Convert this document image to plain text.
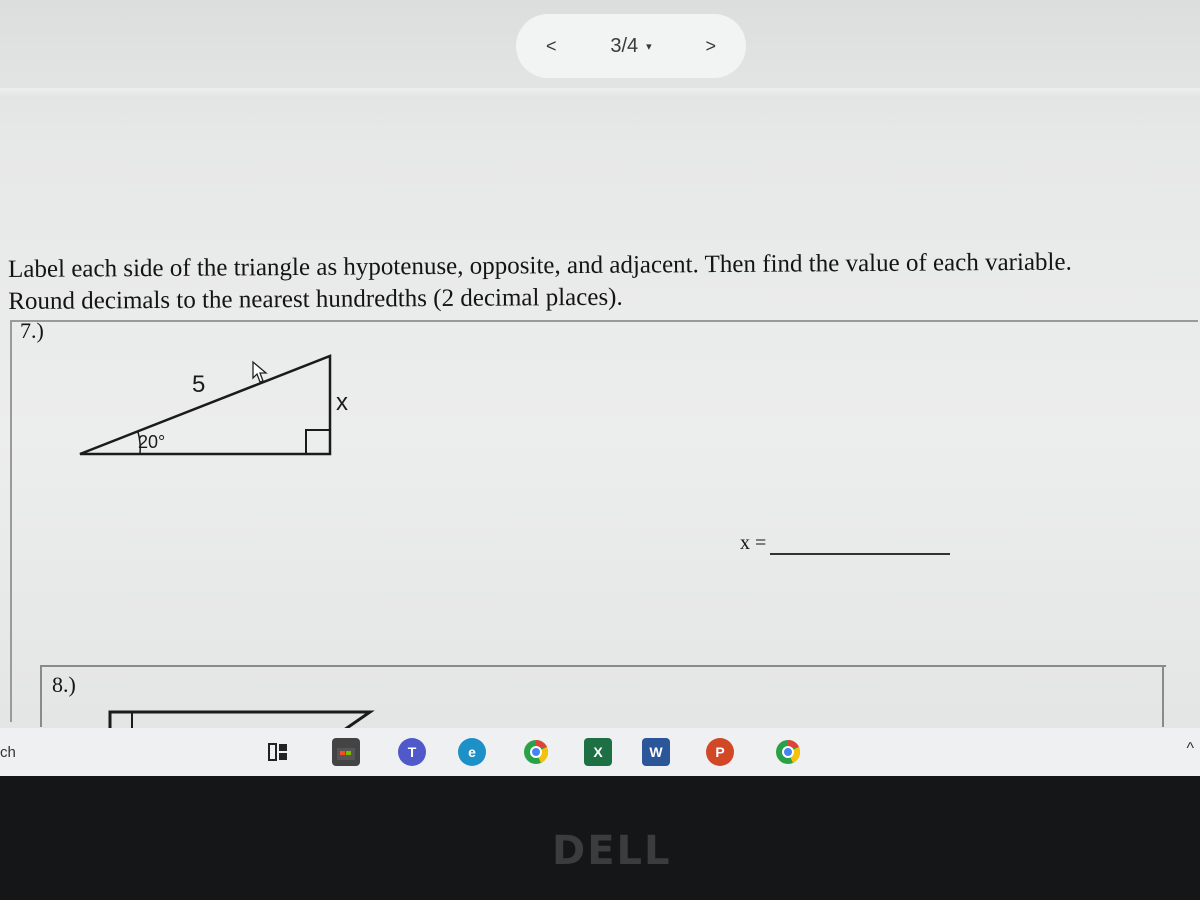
<	3/4 ▾	>
Label each side of the triangle as hypotenuse, opposite, and adjacent. Then find the value of each variable.
Round decimals to the nearest hundredths (2 decimal places).
7.)
5
20°
x
x =
8.)
ch	T	e	X	W	P	^
DELL
